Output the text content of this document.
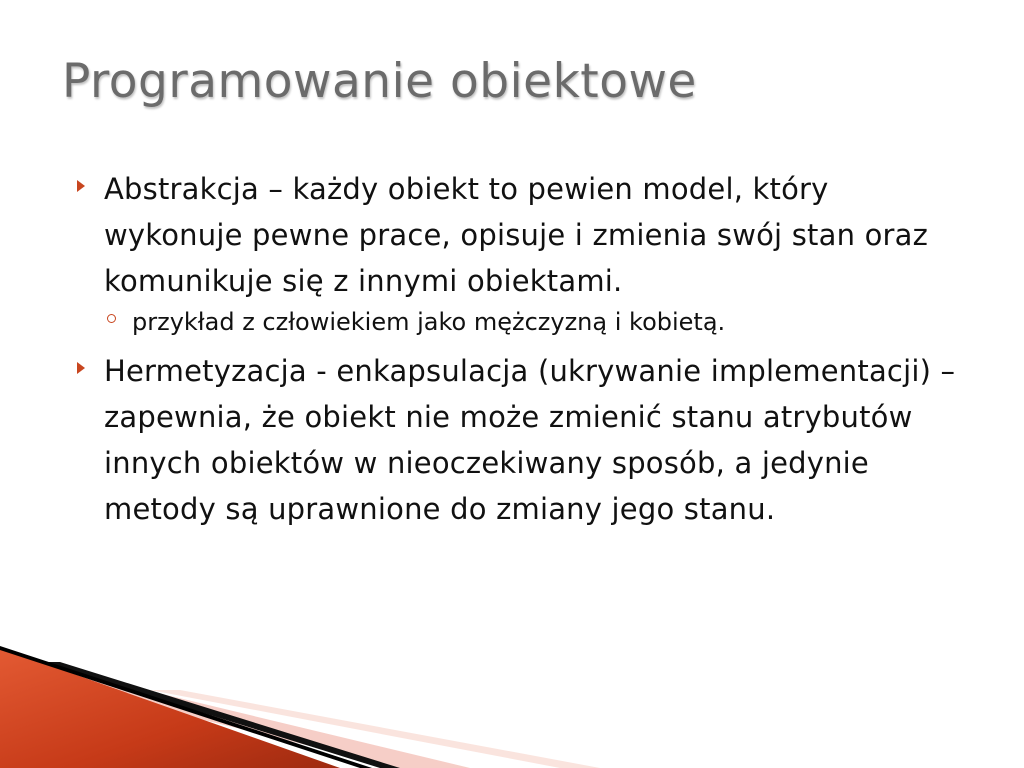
Programowanie obiektowe
Abstrakcja – każdy obiekt to pewien model, który wykonuje pewne prace, opisuje i zmienia swój stan oraz komunikuje się z innymi obiektami.
przykład z człowiekiem jako mężczyzną i kobietą.
Hermetyzacja - enkapsulacja (ukrywanie implementacji) – zapewnia, że obiekt nie może zmienić stanu atrybutów innych obiektów w nieoczekiwany sposób, a jedynie metody są uprawnione do zmiany jego stanu.
